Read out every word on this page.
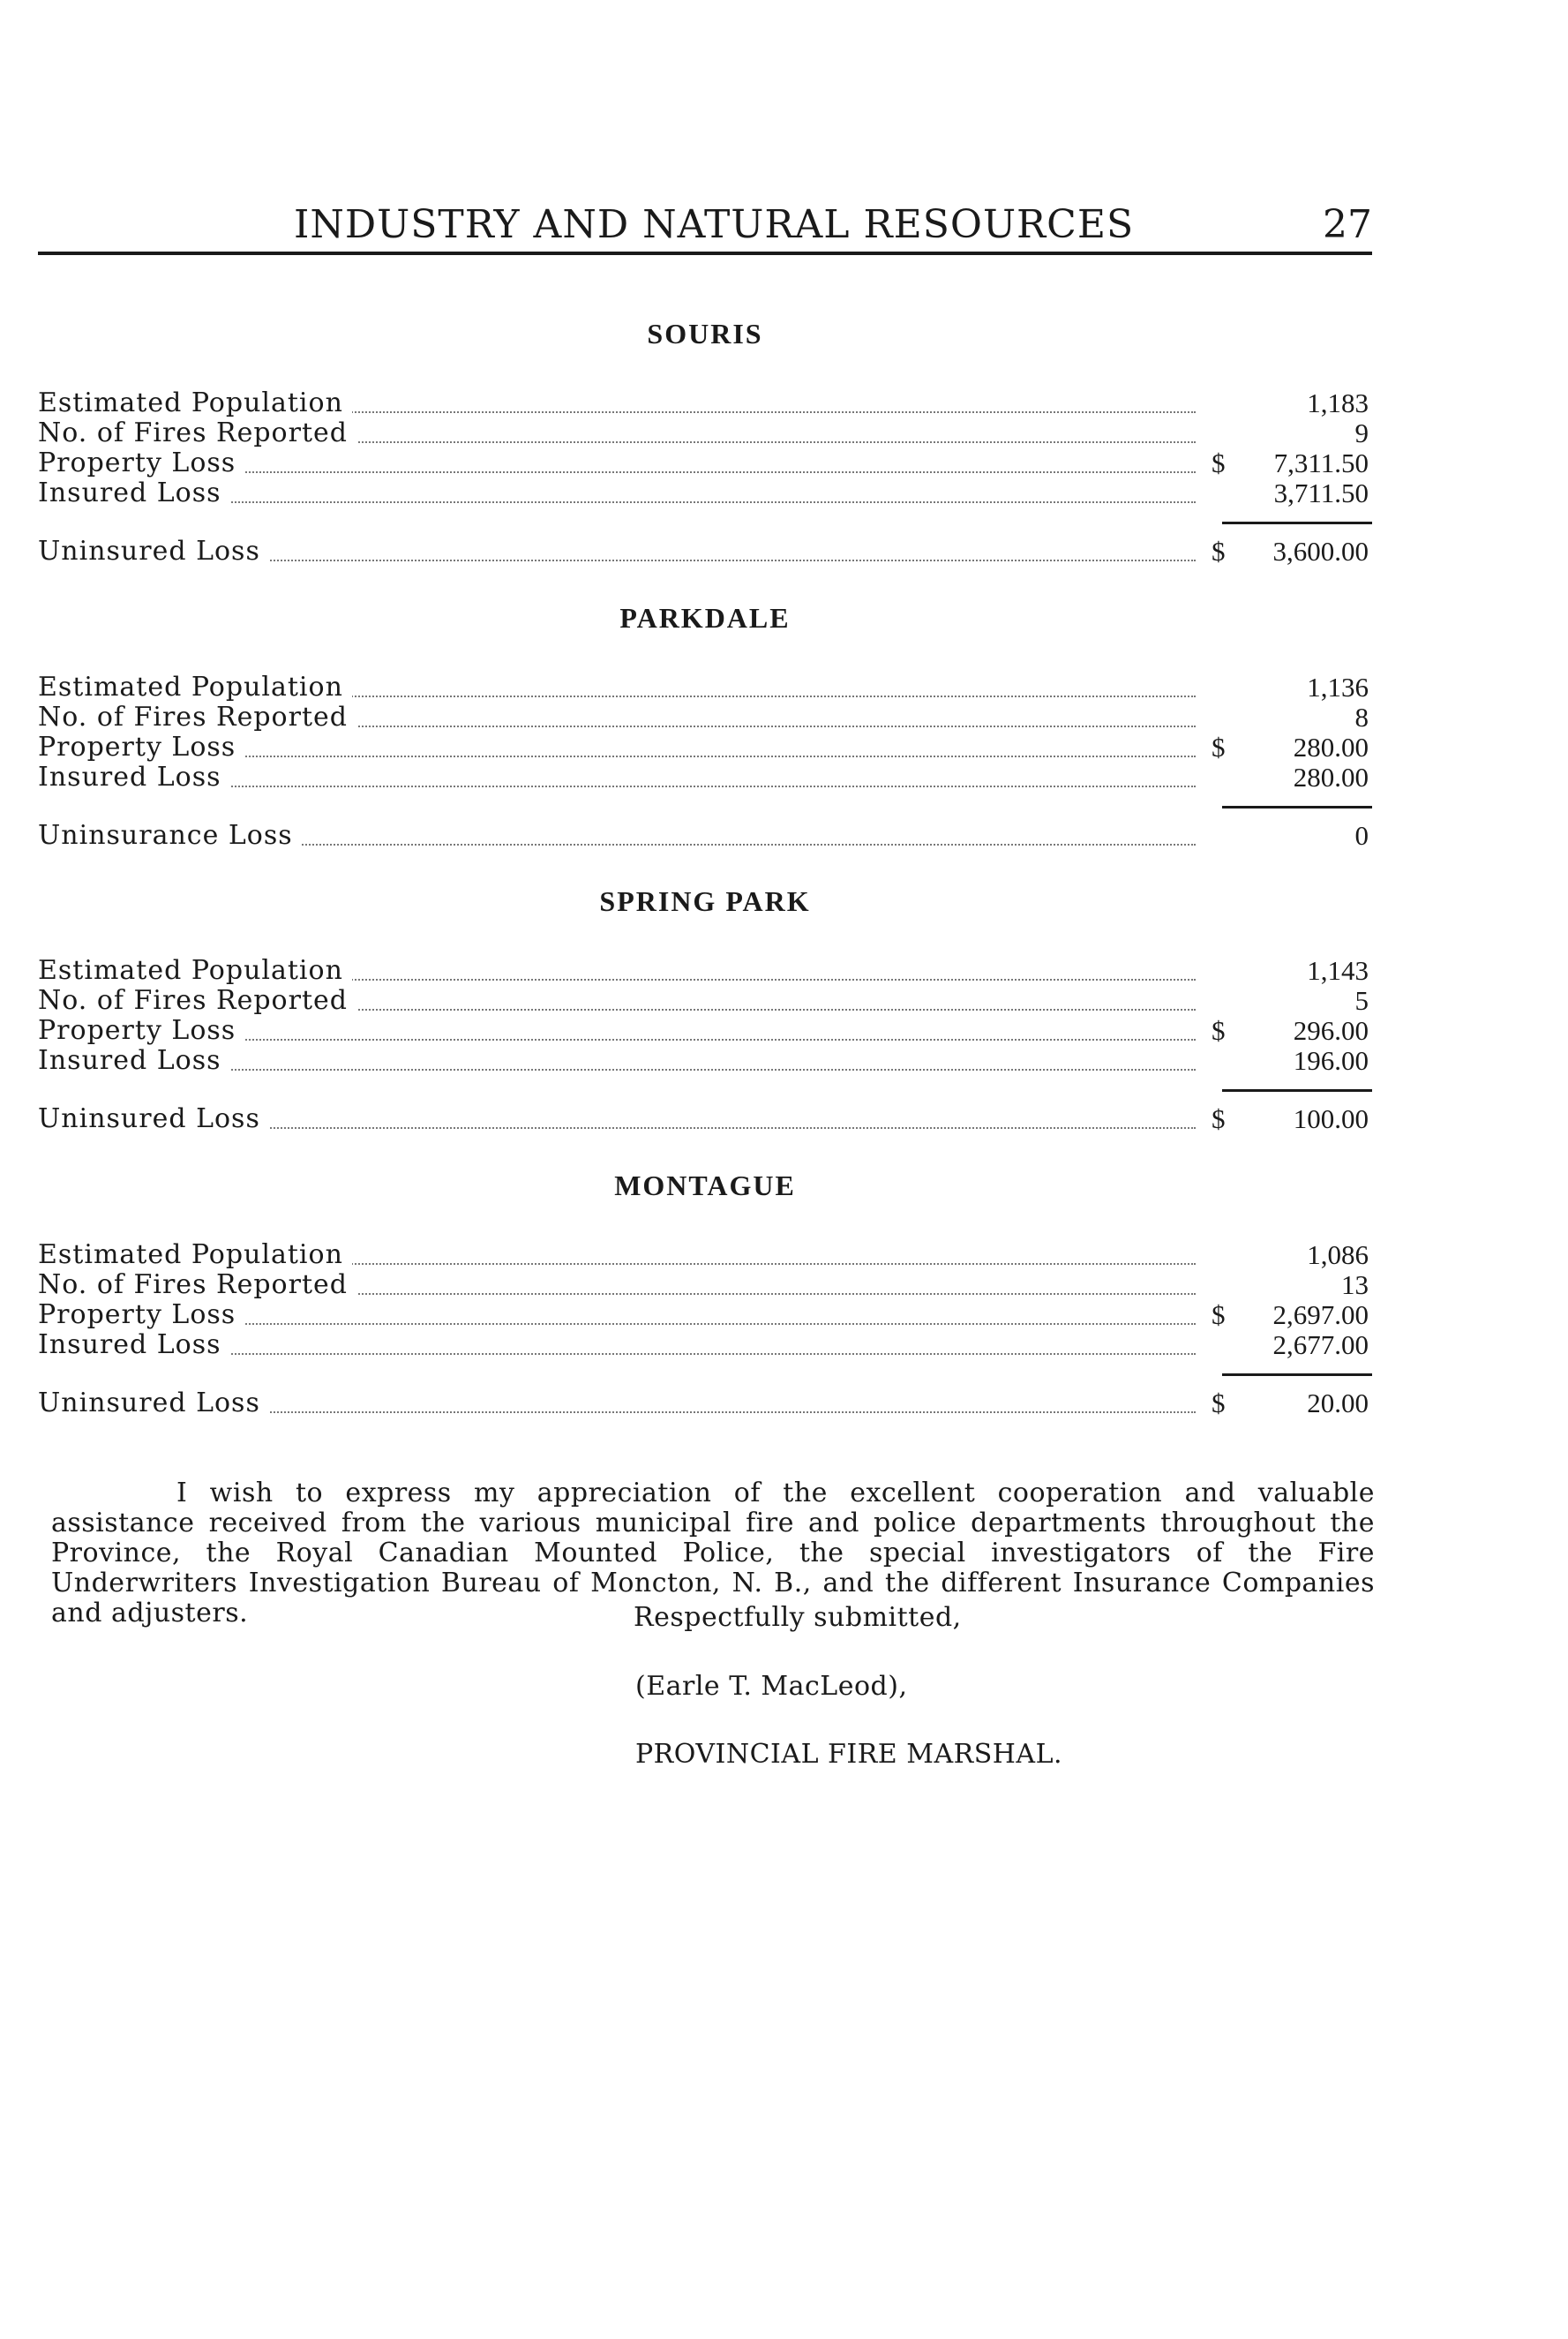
INDUSTRY AND NATURAL RESOURCES	27
SOURIS
Estimated Population	1,183
No. of Fires Reported	9
Property Loss	$ 7,311.50
Insured Loss	3,711.50
Uninsured Loss	$ 3,600.00
PARKDALE
Estimated Population	1,136
No. of Fires Reported	8
Property Loss	$ 280.00
Insured Loss	280.00
Uninsurance Loss	0
SPRING PARK
Estimated Population	1,143
No. of Fires Reported	5
Property Loss	$ 296.00
Insured Loss	196.00
Uninsured Loss	$ 100.00
MONTAGUE
Estimated Population	1,086
No. of Fires Reported	13
Property Loss	$ 2,697.00
Insured Loss	2,677.00
Uninsured Loss	$	20.00

I wish to express my appreciation of the excellent cooperation and valuable assistance received from the various municipal fire and police departments throughout the Province, the Royal Canadian Mounted Police, the special investigators of the Fire Underwriters Investigation Bureau of Moncton, N. B., and the different Insurance Companies and adjusters.	Respectfully submitted,
(Earle T. MacLeod),
PROVINCIAL FIRE MARSHAL.
